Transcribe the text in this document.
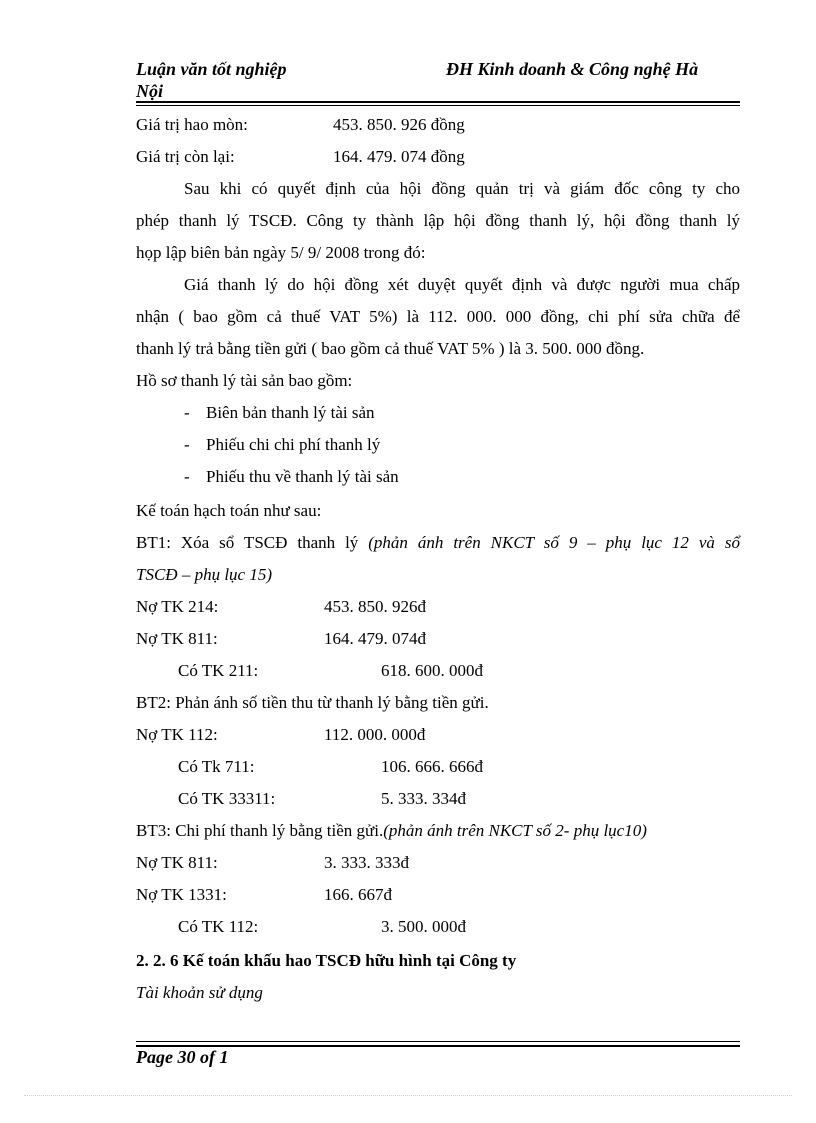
Luận văn tốt nghiệp
Nội
ĐH Kinh doanh & Công nghệ Hà
Giá trị hao mòn:	453. 850. 926 đồng
Giá trị còn lại:	164. 479. 074 đồng
Sau khi có quyết định của hội đồng quản trị và giám đốc công ty cho
phép thanh lý TSCĐ. Công ty thành lập hội đồng thanh lý, hội đồng thanh lý
họp lập biên bản ngày 5/ 9/ 2008 trong đó:
Giá thanh lý do hội đồng xét duyệt quyết định và được người mua chấp
nhận ( bao gồm cả thuế VAT 5%) là 112. 000. 000 đồng, chi phí sửa chữa để
thanh lý trả bằng tiền gửi ( bao gồm cả thuế VAT 5% ) là 3. 500. 000 đồng.
Hồ sơ thanh lý tài sản bao gồm:
- Biên bản thanh lý tài sản
- Phiếu chi chi phí thanh lý
- Phiếu thu về thanh lý tài sản
Kế toán hạch toán như sau:
BT1: Xóa sổ TSCĐ thanh lý (phản ánh trên NKCT số 9 – phụ lục 12 và sổ
TSCĐ – phụ lục 15)
Nợ TK 214:	453. 850. 926đ
Nợ TK 811:	164. 479. 074đ
Có TK 211:	618. 600. 000đ
BT2: Phản ánh số tiền thu từ thanh lý bằng tiền gửi.
Nợ TK 112:	112. 000. 000đ
Có Tk 711:	106. 666. 666đ
Có TK 33311:	5. 333. 334đ
BT3: Chi phí thanh lý bằng tiền gửi.(phản ánh trên NKCT số 2- phụ lục10)
Nợ TK 811:	3. 333. 333đ
Nợ TK 1331:	166. 667đ
Có TK 112:	3. 500. 000đ
2. 2. 6 Kế toán khấu hao TSCĐ hữu hình tại Công ty
Tài khoản sử dụng
Page 30 of 1
